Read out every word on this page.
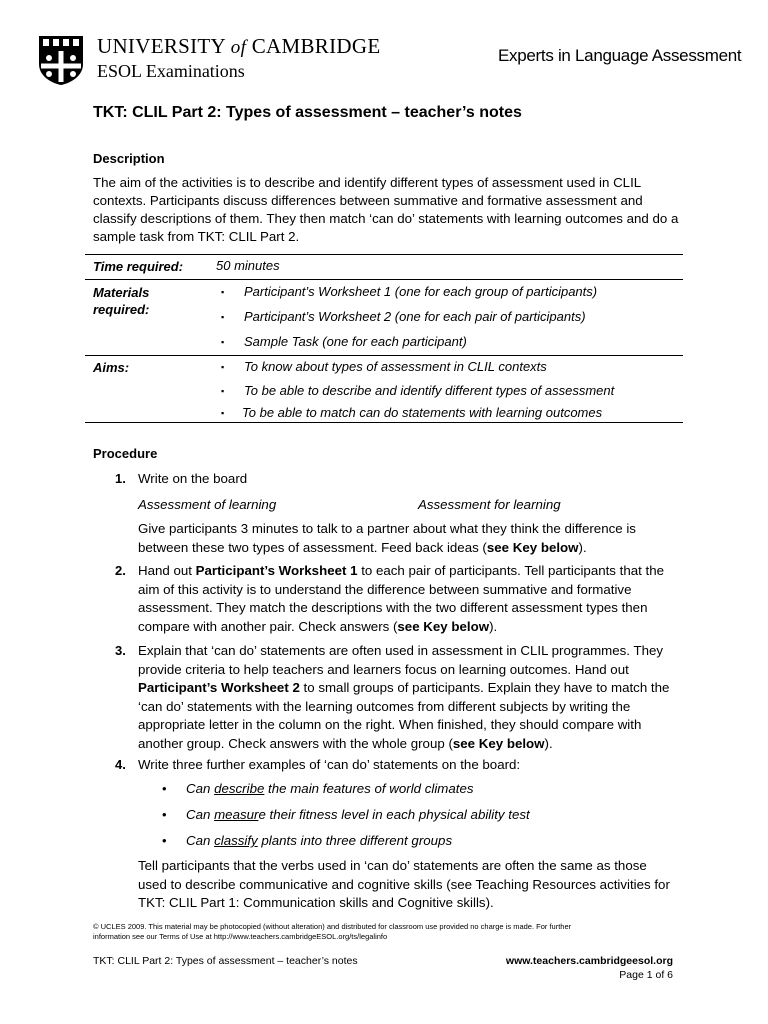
UNIVERSITY of CAMBRIDGE
ESOL Examinations
Experts in Language Assessment
TKT: CLIL Part 2: Types of assessment – teacher’s notes
Description
The aim of the activities is to describe and identify different types of assessment used in CLIL contexts. Participants discuss differences between summative and formative assessment and classify descriptions of them. They then match ‘can do’ statements with learning outcomes and do a sample task from TKT: CLIL Part 2.
Time required:	50 minutes
Materials
required:
▪ Participant’s Worksheet 1 (one for each group of participants)
▪ Participant’s Worksheet 2 (one for each pair of participants)
▪ Sample Task (one for each participant)
Aims:	▪ To know about types of assessment in CLIL contexts
▪ To be able to describe and identify different types of assessment
▪ To be able to match can do statements with learning outcomes
Procedure
1. Write on the board
Assessment of learning	Assessment for learning
Give participants 3 minutes to talk to a partner about what they think the difference is between these two types of assessment. Feed back ideas (see Key below).
2. Hand out Participant’s Worksheet 1 to each pair of participants. Tell participants that the aim of this activity is to understand the difference between summative and formative assessment. They match the descriptions with the two different assessment types then compare with another pair. Check answers (see Key below).
3. Explain that ‘can do’ statements are often used in assessment in CLIL programmes. They provide criteria to help teachers and learners focus on learning outcomes. Hand out Participant’s Worksheet 2 to small groups of participants. Explain they have to match the ‘can do’ statements with the learning outcomes from different subjects by writing the appropriate letter in the column on the right. When finished, they should compare with another group. Check answers with the whole group (see Key below).
4. Write three further examples of ‘can do’ statements on the board:
• Can describe the main features of world climates
• Can measure their fitness level in each physical ability test
• Can classify plants into three different groups
Tell participants that the verbs used in ‘can do’ statements are often the same as those used to describe communicative and cognitive skills (see Teaching Resources activities for TKT: CLIL Part 1: Communication skills and Cognitive skills).
© UCLES 2009. This material may be photocopied (without alteration) and distributed for classroom use provided no charge is made. For further
information see our Terms of Use at http://www.teachers.cambridgeESOL.org/ts/legalinfo
TKT: CLIL Part 2: Types of assessment – teacher’s notes	www.teachers.cambridgeesol.org
Page 1 of 6
